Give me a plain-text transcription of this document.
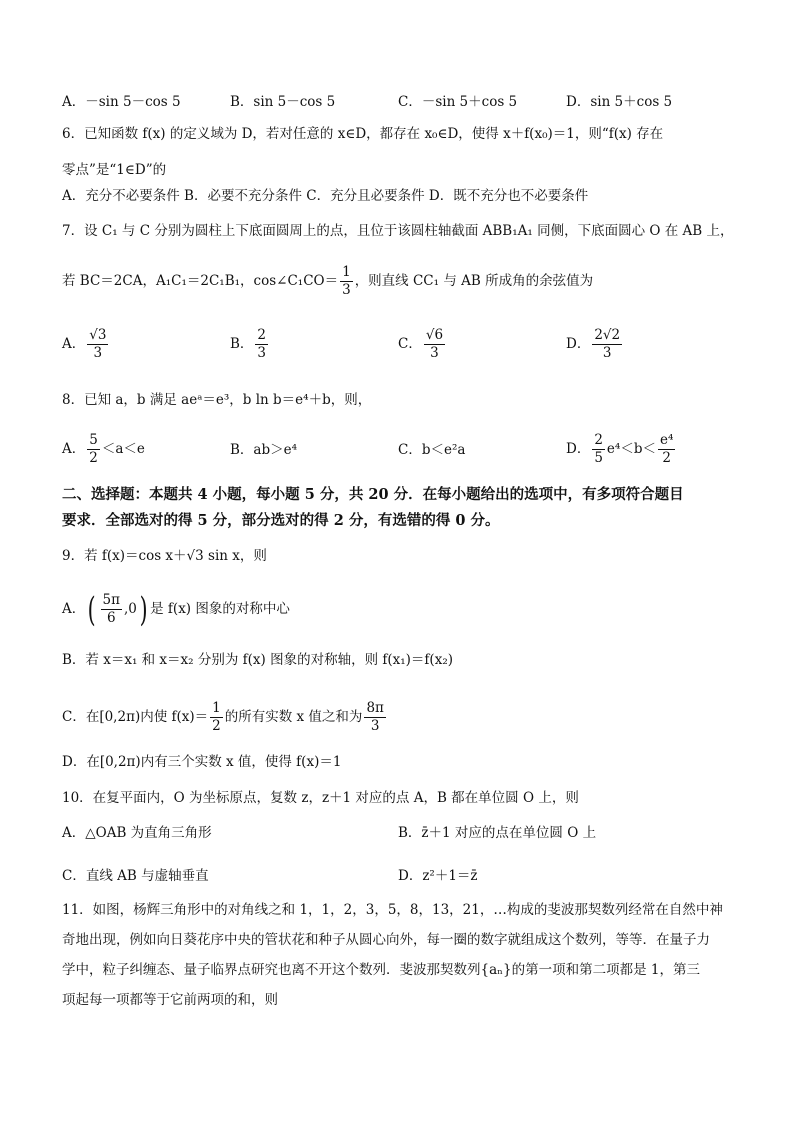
A．－sin 5－cos 5	B．sin 5－cos 5	C．－sin 5＋cos 5	D．sin 5＋cos 5
6．已知函数 f(x) 的定义域为 D，若对任意的 x∈D，都存在 x₀∈D，使得 x＋f(x₀)＝1，则“f(x) 存在
零点”是“1∈D”的
A．充分不必要条件 B．必要不充分条件 C．充分且必要条件 D．既不充分也不必要条件
7．设 C₁ 与 C 分别为圆柱上下底面圆周上的点，且位于该圆柱轴截面 ABB₁A₁ 同侧，下底面圆心 O 在 AB 上，
若 BC＝2CA，A₁C₁＝2C₁B₁，cos∠C₁CO＝ $\frac{1}{3}$ ，则直线 CC₁ 与 AB 所成角的余弦值为
A． $\frac{√3}{3}$	B． $\frac{2}{3}$	C． $\frac{√6}{3}$	D． $\frac{2√2}{3}$
8．已知 a，b 满足 aeᵃ＝e³，b ln b＝e⁴＋b，则，
A． $\frac{5}{2} <a<e$	B．ab＞e⁴	C．b＜e²a	D． $\frac{2}{5} e^4<b< \frac{\text{e⁴}}{2}$
二、选择题：本题共 4 小题，每小题 5 分，共 20 分．在每小题给出的选项中，有多项符合题目
要求．全部选对的得 5 分，部分选对的得 2 分，有选错的得 0 分。
9．若 f(x)＝cos x＋√3 sin x，则
A．( $\frac{5\pi}{6} ,0$) 是 f(x) 图象的对称中心
B．若 x＝x₁ 和 x＝x₂ 分别为 f(x) 图象的对称轴，则 f(x₁)＝f(x₂)
C．在[0,2π)内使 $f(x)= \frac{1}{2}$ 的所有实数 x 值之和为 $\frac{8\pi}{3}$
D．在[0,2π)内有三个实数 x 值，使得 f(x)＝1
10．在复平面内，O 为坐标原点，复数 z，z＋1 对应的点 A，B 都在单位圆 O 上，则
A．△OAB 为直角三角形	B．z̄＋1 对应的点在单位圆 O 上
C．直线 AB 与虚轴垂直	D．z²＋1＝z̄
11．如图，杨辉三角形中的对角线之和 1，1，2，3，5，8，13，21，…构成的斐波那契数列经常在自然中神
奇地出现，例如向日葵花序中央的管状花和种子从圆心向外，每一圈的数字就组成这个数列，等等．在量子力
学中，粒子纠缠态、量子临界点研究也离不开这个数列．斐波那契数列{aₙ}的第一项和第二项都是 1，第三
项起每一项都等于它前两项的和，则
